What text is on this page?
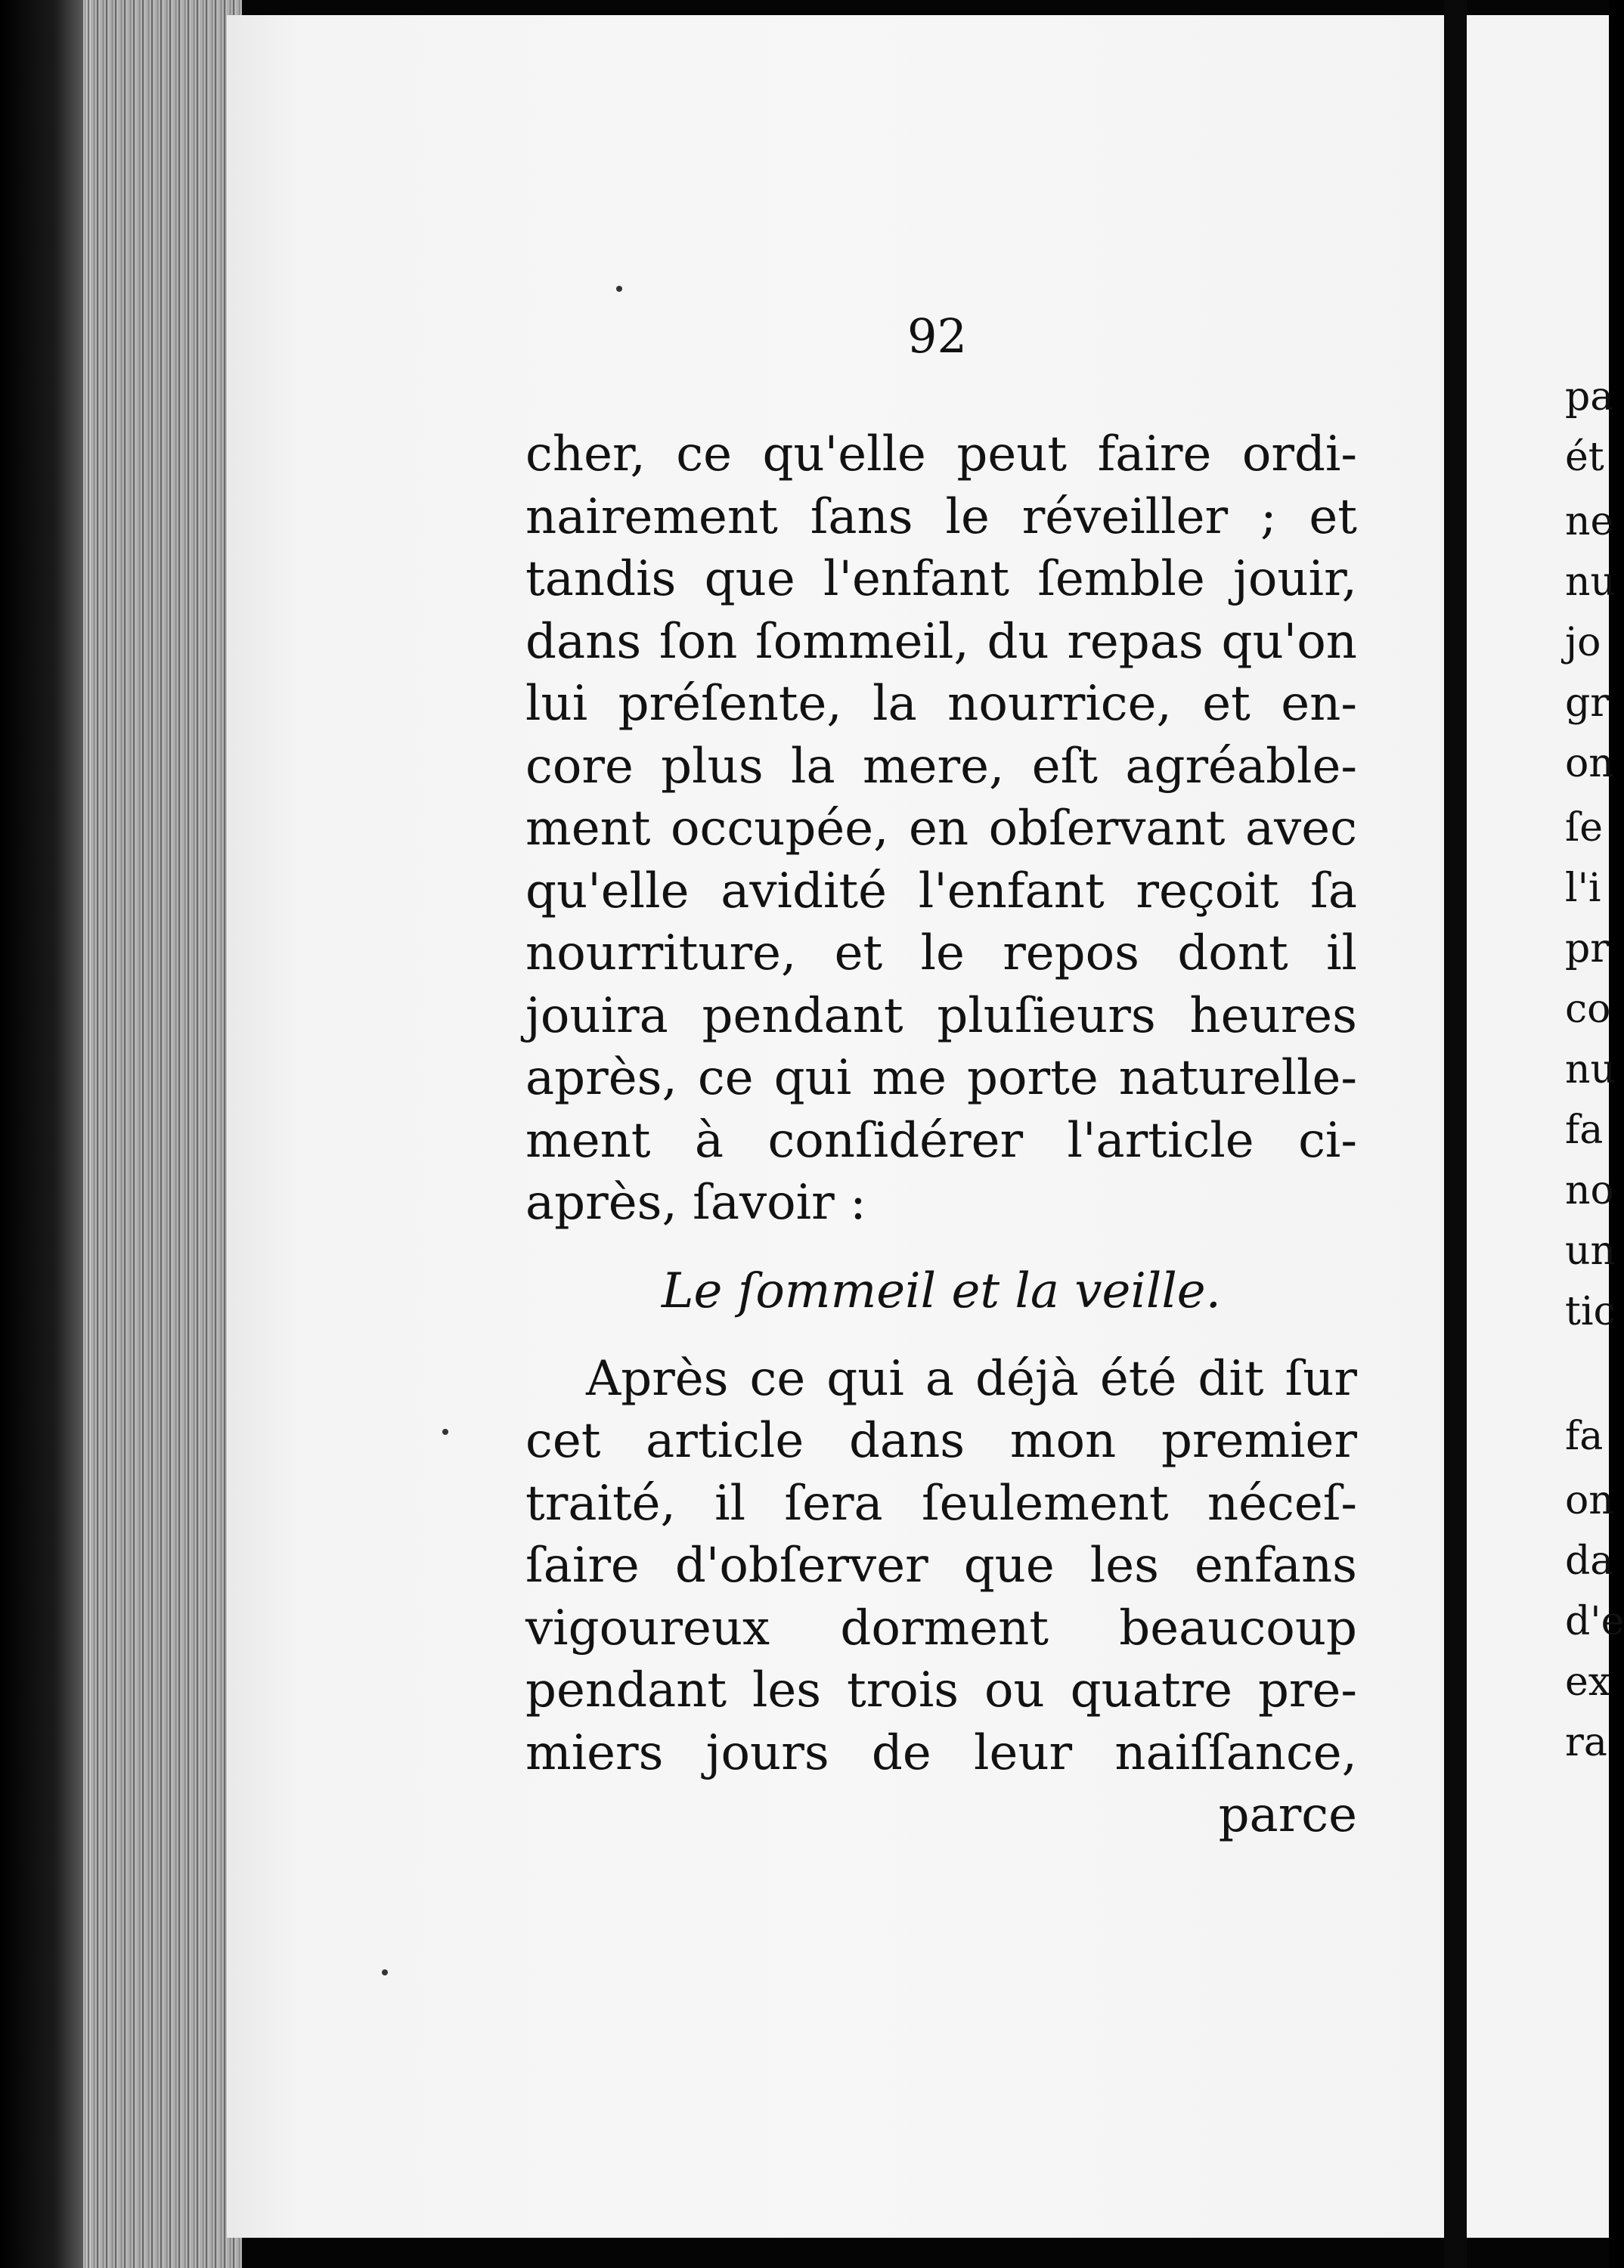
92
cher, ce qu'elle peut faire ordi-
nairement ſans le réveiller ; et
tandis que l'enfant ſemble jouir,
dans ſon ſommeil, du repas qu'on
lui préſente, la nourrice, et en-
core plus la mere, eſt agréable-
ment occupée, en obſervant avec
qu'elle avidité l'enfant reçoit ſa
nourriture, et le repos dont il
jouira pendant pluſieurs heures
après, ce qui me porte naturelle-
ment à conſidérer l'article ci-
après, ſavoir :
Le ſommeil et la veille.
Après ce qui a déjà été dit ſur
cet article dans mon premier
traité, il ſera ſeulement néceſ-
ſaire d'obſerver que les enfans
vigoureux dorment beaucoup
pendant les trois ou quatre pre-
miers jours de leur naiſſance,
parce
pa
ét
ne
nu
jo
gr
on
ſe
l'i
pr
co
nu
fa
no
un
tic
fa
on
da
d'e
ex
ra
